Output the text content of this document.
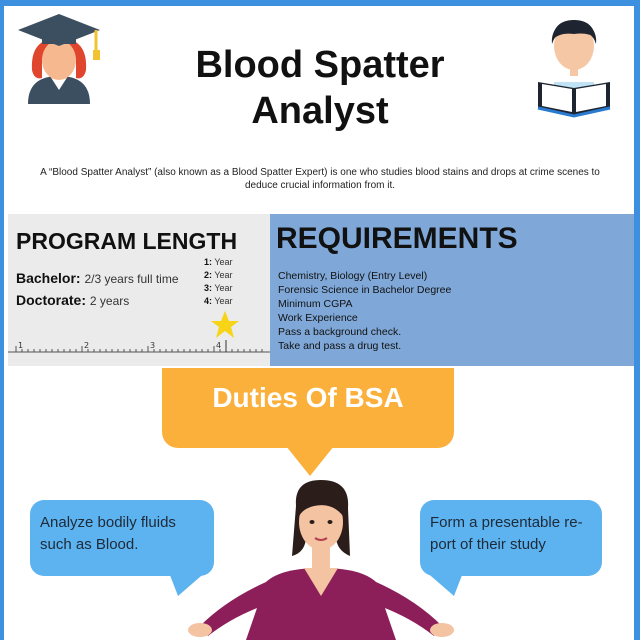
Blood Spatter
Analyst
A “Blood Spatter Analyst” (also known as a Blood Spatter Expert) is one who studies blood stains and drops at crime scenes to deduce crucial information from it.
PROGRAM LENGTH
Bachelor: 2/3 years full time
Doctorate: 2 years
1: Year
2: Year
3: Year
4: Year
1	2	3	4
REQUIREMENTS
Chemistry, Biology (Entry Level)
Forensic Science in Bachelor Degree
Minimum CGPA
Work Experience
Pass a background check.
Take and pass a drug test.
Duties Of BSA
Analyze bodily fluids
such as Blood.
Form a presentable re-
port of their study
